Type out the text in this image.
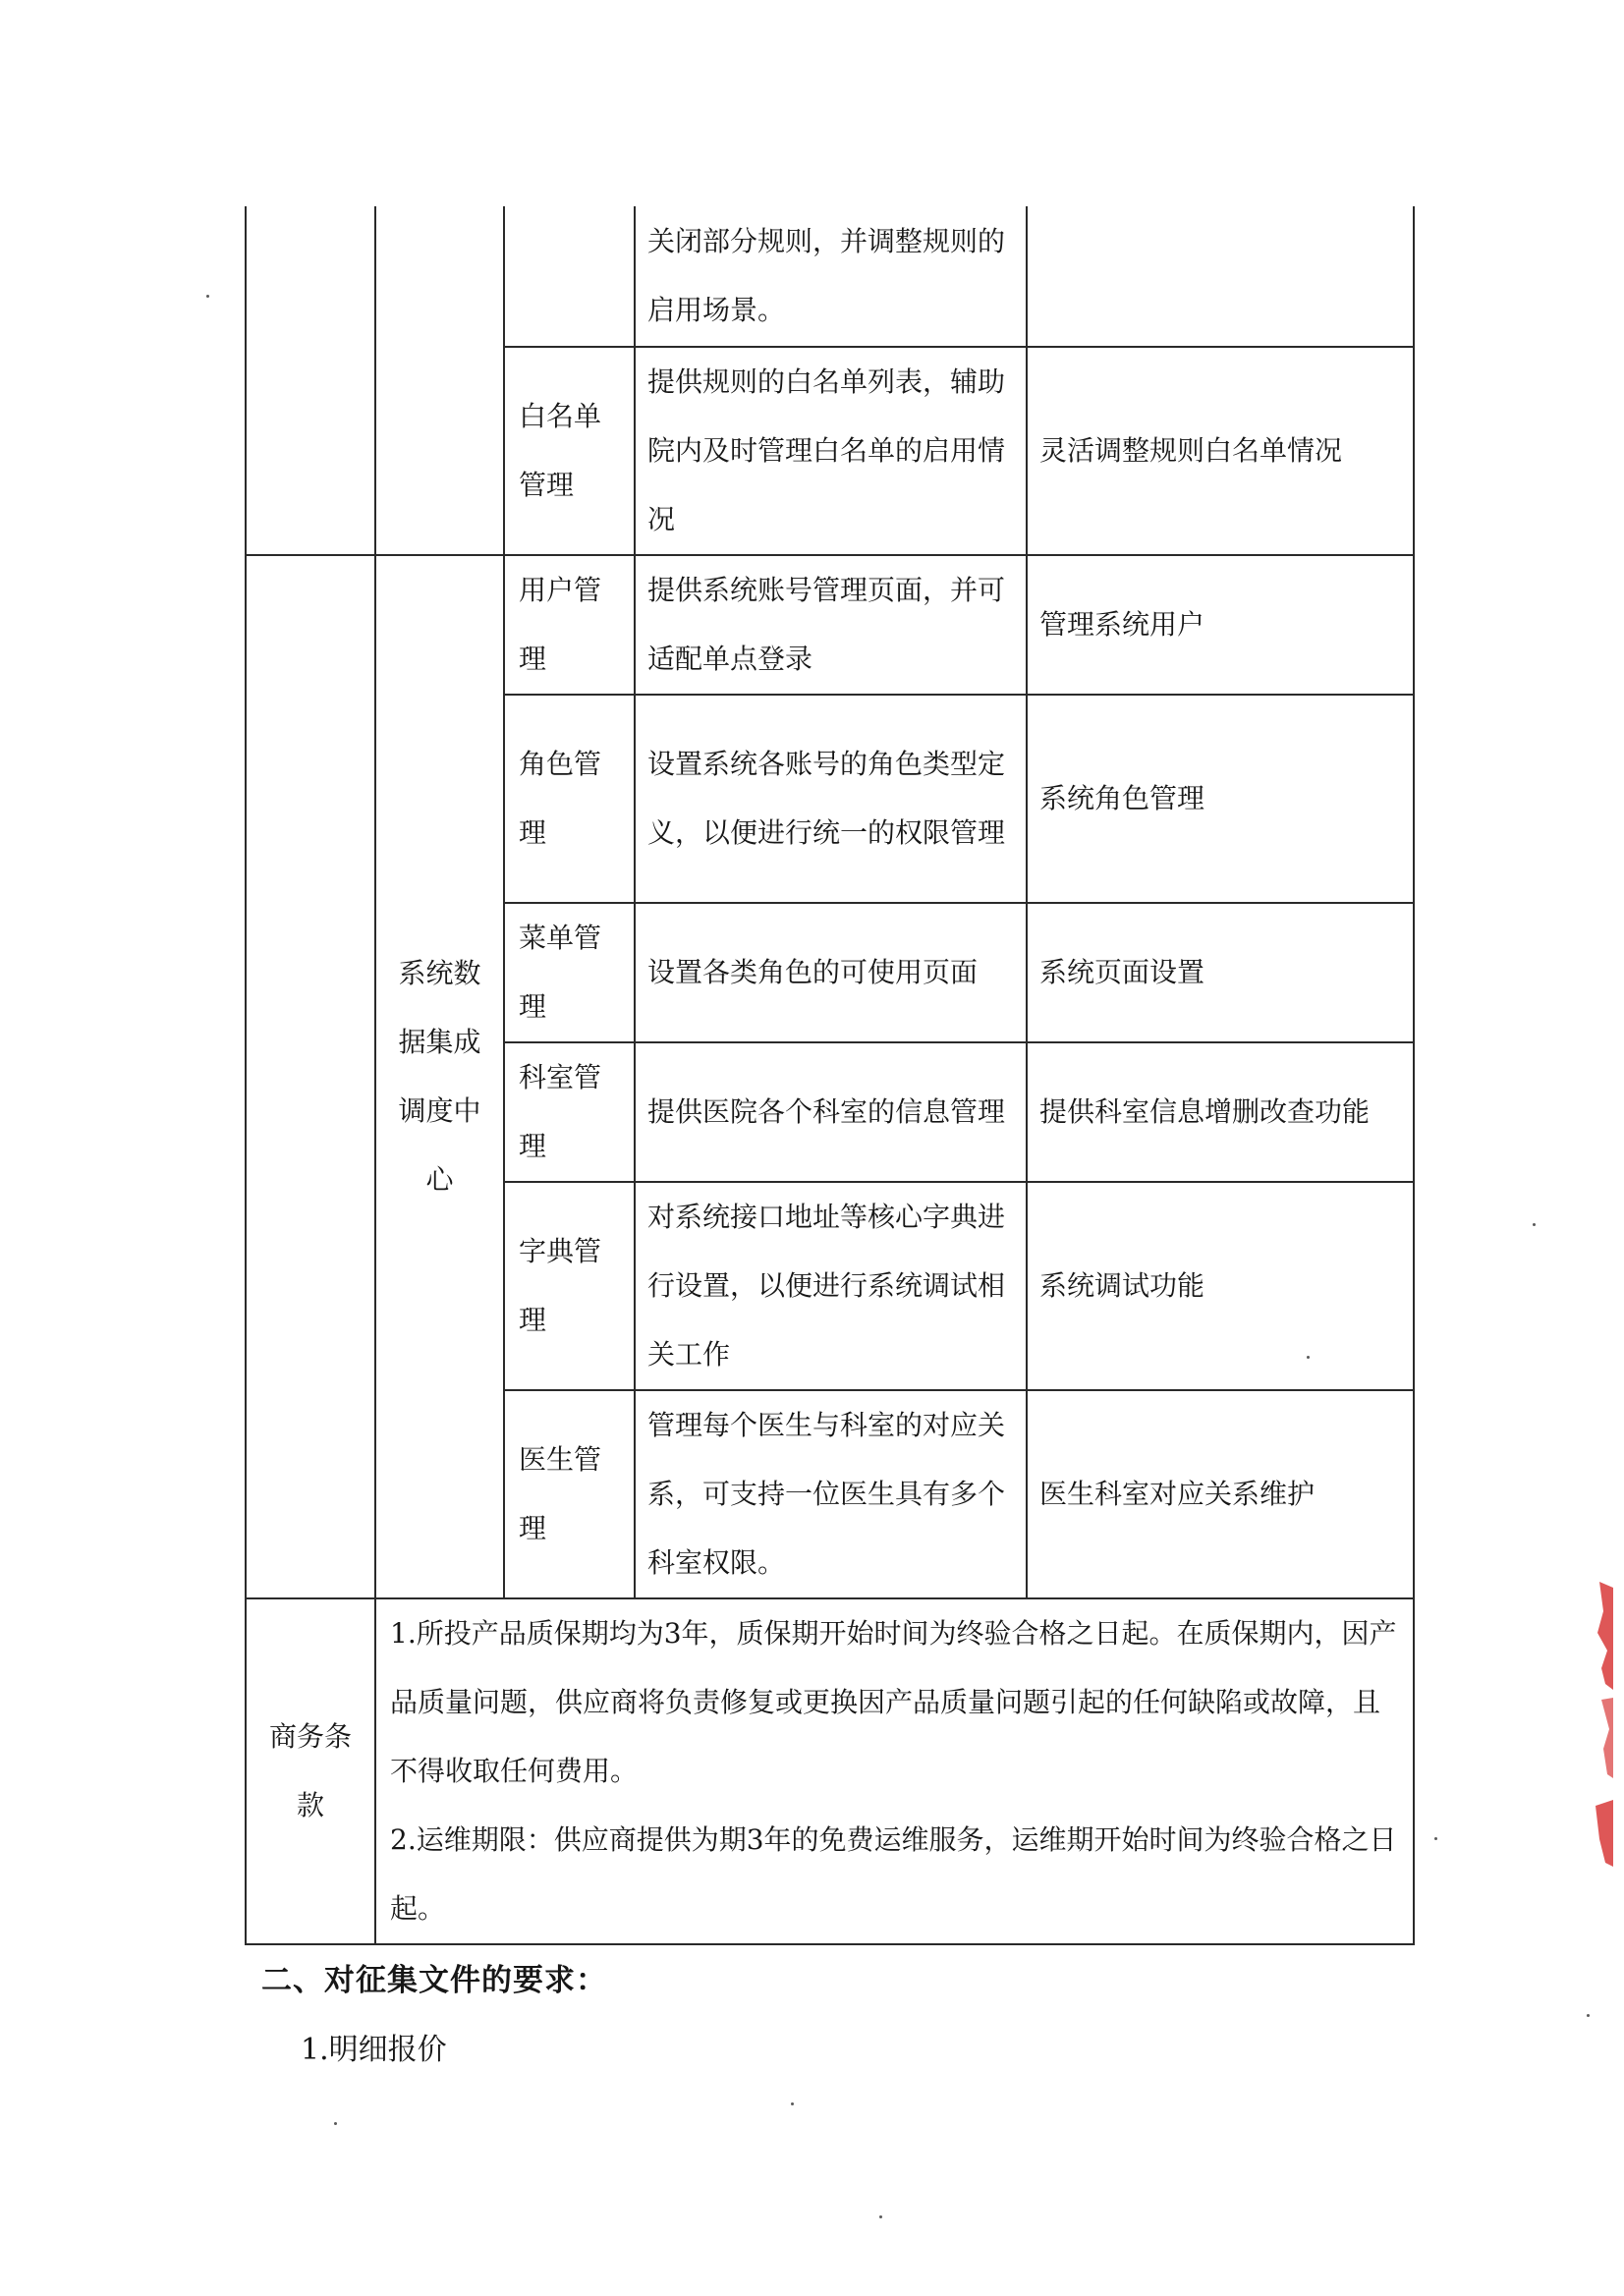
			关闭部分规则，并调整规则的启用场景。	
		白名单管理	提供规则的白名单列表，辅助院内及时管理白名单的启用情况	灵活调整规则白名单情况
	系统数据集成调度中心	用户管理	提供系统账号管理页面，并可适配单点登录	管理系统用户
		角色管理	设置系统各账号的角色类型定义，以便进行统一的权限管理	系统角色管理
		菜单管理	设置各类角色的可使用页面	系统页面设置
		科室管理	提供医院各个科室的信息管理	提供科室信息增删改查功能
		字典管理	对系统接口地址等核心字典进行设置，以便进行系统调试相关工作	系统调试功能
		医生管理	管理每个医生与科室的对应关系，可支持一位医生具有多个科室权限。	医生科室对应关系维护
商务条款	1.所投产品质保期均为3年，质保期开始时间为终验合格之日起。在质保期内，因产品质量问题，供应商将负责修复或更换因产品质量问题引起的任何缺陷或故障，且不得收取任何费用。
2.运维期限：供应商提供为期3年的免费运维服务，运维期开始时间为终验合格之日起。			
二、对征集文件的要求：
1.明细报价
